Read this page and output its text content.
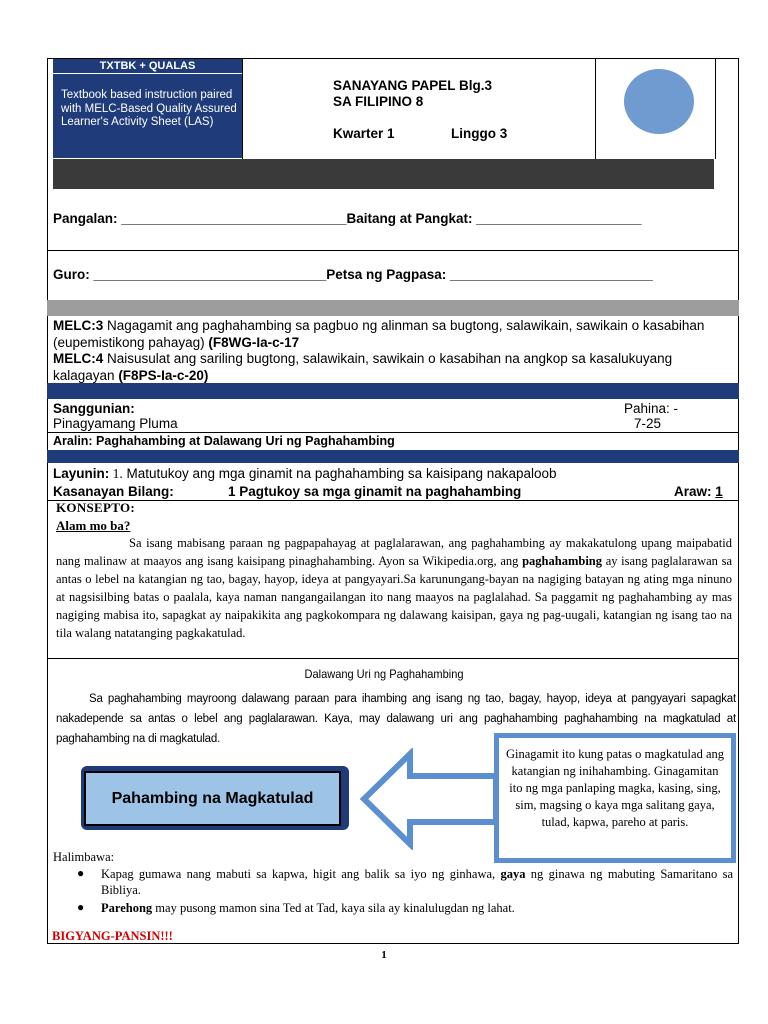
TXTBK + QUALAS
Textbook based instruction paired with MELC-Based Quality Assured Learner's Activity Sheet (LAS)
SANAYANG PAPEL Blg.3
SA FILIPINO 8
Kwarter 1	Linggo 3
Pangalan: ______________________________Baitang at Pangkat: ______________________
Guro: _______________________________Petsa ng Pagpasa: ___________________________

MELC:3 Nagagamit ang paghahambing sa pagbuo ng alinman sa bugtong, salawikain, sawikain o kasabihan (eupemistikong pahayag) (F8WG-Ia-c-17

MELC:4 Naisusulat ang sariling bugtong, salawikain, sawikain o kasabihan na angkop sa kasalukuyang kalagayan (F8PS-Ia-c-20)

Sanggunian:
Pinagyamang Pluma
Pahina: -
7-25
Aralin: Paghahambing at Dalawang Uri ng Paghahambing
Layunin: 1. Matutukoy ang mga ginamit na paghahambing sa kaisipang nakapaloob
Kasanayan Bilang:	1 Pagtukoy sa mga ginamit na paghahambing	Araw: 1
KONSEPTO:
Alam mo ba?
Sa isang mabisang paraan ng pagpapahayag at paglalarawan, ang paghahambing ay makakatulong upang maipabatid nang malinaw at maayos ang isang kaisipang pinaghahambing. Ayon sa Wikipedia.org, ang paghahambing ay isang paglalarawan sa antas o lebel na katangian ng tao, bagay, hayop, ideya at pangyayari.Sa karunungang-bayan na nagiging batayan ng ating mga ninuno at nagsisilbing batas o paalala, kaya naman nangangailangan ito nang maayos na paglalahad. Sa paggamit ng paghahambing ay mas nagiging mabisa ito, sapagkat ay naipakikita ang pagkokompara ng dalawang kaisipan, gaya ng pag-uugali, katangian ng isang tao na tila walang natatanging pagkakatulad.
Dalawang Uri ng Paghahambing
Sa paghahambing mayroong dalawang paraan para ihambing ang isang ng tao, bagay, hayop, ideya at pangyayari sapagkat nakadepende sa antas o lebel ang paglalarawan. Kaya, may dalawang uri ang paghahambing paghahambing na magkatulad at paghahambing na di magkatulad.
Pahambing na Magkatulad
Ginagamit ito kung patas o magkatulad ang katangian ng inihahambing. Ginagamitan ito ng mga panlaping magka, kasing, sing, sim, magsing o kaya mga salitang gaya, tulad, kapwa, pareho at paris.
Halimbawa:
● Kapag gumawa nang mabuti sa kapwa, higit ang balik sa iyo ng ginhawa, gaya ng ginawa ng mabuting Samaritano sa Bibliya.
● Parehong may pusong mamon sina Ted at Tad, kaya sila ay kinalulugdan ng lahat.
BIGYANG-PANSIN!!!
1
